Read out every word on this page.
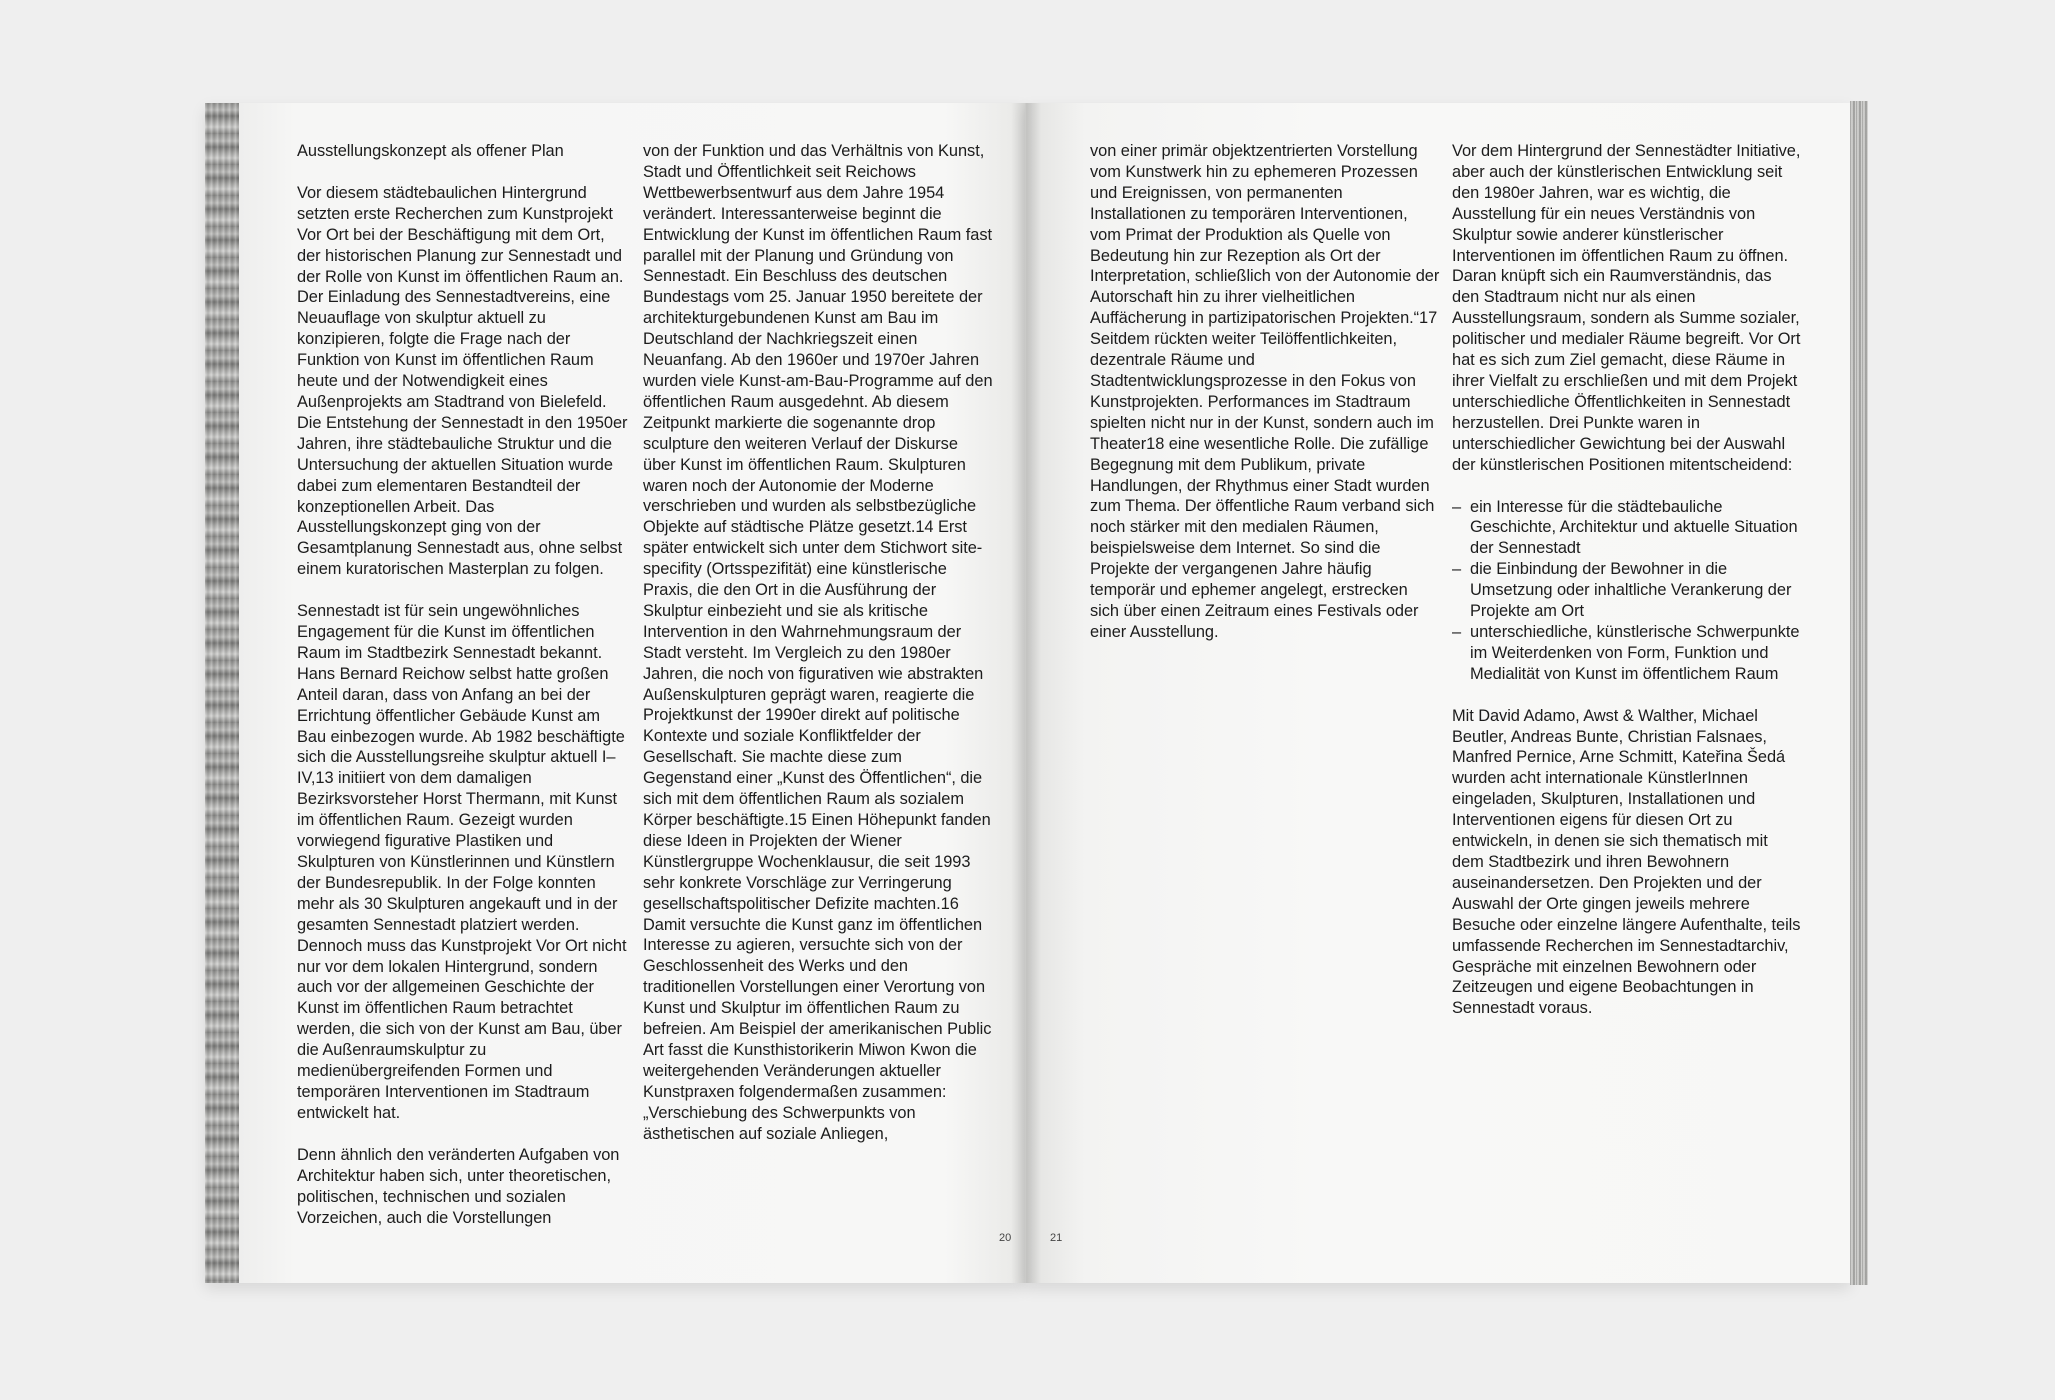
Ausstellungskonzept als offener Plan

Vor diesem städtebaulichen Hintergrund setzten erste Recherchen zum Kunstprojekt Vor Ort bei der Beschäftigung mit dem Ort, der historischen Planung zur Sennestadt und der Rolle von Kunst im öffentlichen Raum an. Der Einladung des Sennestadtvereins, eine Neuauflage von skulptur aktuell zu konzipieren, folgte die Frage nach der Funktion von Kunst im öffentlichen Raum heute und der Notwendigkeit eines Außenprojekts am Stadtrand von Bielefeld. Die Entstehung der Sennestadt in den 1950er Jahren, ihre städtebauliche Struktur und die Untersuchung der aktuellen Situation wurde dabei zum elementaren Bestandteil der konzeptionellen Arbeit. Das Ausstellungskonzept ging von der Gesamtplanung Sennestadt aus, ohne selbst einem kuratorischen Masterplan zu folgen.

Sennestadt ist für sein ungewöhnliches Engagement für die Kunst im öffentlichen Raum im Stadtbezirk Sennestadt bekannt. Hans Bernard Reichow selbst hatte großen Anteil daran, dass von Anfang an bei der Errichtung öffentlicher Gebäude Kunst am Bau einbezogen wurde. Ab 1982 beschäftigte sich die Ausstellungsreihe skulptur aktuell I–IV,13 initiiert von dem damaligen Bezirksvorsteher Horst Thermann, mit Kunst im öffentlichen Raum. Gezeigt wurden vorwiegend figurative Plastiken und Skulpturen von Künstlerinnen und Künstlern der Bundesrepublik. In der Folge konnten mehr als 30 Skulpturen angekauft und in der gesamten Sennestadt platziert werden. Dennoch muss das Kunstprojekt Vor Ort nicht nur vor dem lokalen Hintergrund, sondern auch vor der allgemeinen Geschichte der Kunst im öffentlichen Raum betrachtet werden, die sich von der Kunst am Bau, über die Außenraumskulptur zu medienübergreifenden Formen und temporären Interventionen im Stadtraum entwickelt hat.

Denn ähnlich den veränderten Aufgaben von Architektur haben sich, unter theoretischen, politischen, technischen und sozialen Vorzeichen, auch die Vorstellungen

von der Funktion und das Verhältnis von Kunst, Stadt und Öffentlichkeit seit Reichows Wettbewerbsentwurf aus dem Jahre 1954 verändert. Interessanterweise beginnt die Entwicklung der Kunst im öffentlichen Raum fast parallel mit der Planung und Gründung von Sennestadt. Ein Beschluss des deutschen Bundestags vom 25. Januar 1950 bereitete der architekturgebundenen Kunst am Bau im Deutschland der Nachkriegszeit einen Neuanfang. Ab den 1960er und 1970er Jahren wurden viele Kunst-am-Bau-Programme auf den öffentlichen Raum ausgedehnt. Ab diesem Zeitpunkt markierte die sogenannte drop sculpture den weiteren Verlauf der Diskurse über Kunst im öffentlichen Raum. Skulpturen waren noch der Autonomie der Moderne verschrieben und wurden als selbstbezügliche Objekte auf städtische Plätze gesetzt.14 Erst später entwickelt sich unter dem Stichwort site-specifity (Ortsspezifität) eine künstlerische Praxis, die den Ort in die Ausführung der Skulptur einbezieht und sie als kritische Intervention in den Wahrnehmungsraum der Stadt versteht. Im Vergleich zu den 1980er Jahren, die noch von figurativen wie abstrakten Außenskulpturen geprägt waren, reagierte die Projektkunst der 1990er direkt auf politische Kontexte und soziale Konfliktfelder der Gesellschaft. Sie machte diese zum Gegenstand einer „Kunst des Öffentlichen“, die sich mit dem öffentlichen Raum als sozialem Körper beschäftigte.15 Einen Höhepunkt fanden diese Ideen in Projekten der Wiener Künstlergruppe Wochenklausur, die seit 1993 sehr konkrete Vorschläge zur Verringerung gesellschaftspolitischer Defizite machten.16 Damit versuchte die Kunst ganz im öffentlichen Interesse zu agieren, versuchte sich von der Geschlossenheit des Werks und den traditionellen Vorstellungen einer Verortung von Kunst und Skulptur im öffentlichen Raum zu befreien. Am Beispiel der amerikanischen Public Art fasst die Kunsthistorikerin Miwon Kwon die weitergehenden Veränderungen aktueller Kunstpraxen folgendermaßen zusammen: „Verschiebung des Schwerpunkts von ästhetischen auf soziale Anliegen,

20

von einer primär objektzentrierten Vorstellung vom Kunstwerk hin zu ephemeren Prozessen und Ereignissen, von permanenten Installationen zu temporären Interventionen, vom Primat der Produktion als Quelle von Bedeutung hin zur Rezeption als Ort der Interpretation, schließlich von der Autonomie der Autorschaft hin zu ihrer vielheitlichen Auffächerung in partizipatorischen Projekten.“17 Seitdem rückten weiter Teilöffentlichkeiten, dezentrale Räume und Stadtentwicklungsprozesse in den Fokus von Kunstprojekten. Performances im Stadtraum spielten nicht nur in der Kunst, sondern auch im Theater18 eine wesentliche Rolle. Die zufällige Begegnung mit dem Publikum, private Handlungen, der Rhythmus einer Stadt wurden zum Thema. Der öffentliche Raum verband sich noch stärker mit den medialen Räumen, beispielsweise dem Internet. So sind die Projekte der vergangenen Jahre häufig temporär und ephemer angelegt, erstrecken sich über einen Zeitraum eines Festivals oder einer Ausstellung.

Vor dem Hintergrund der Sennestädter Initiative, aber auch der künstlerischen Entwicklung seit den 1980er Jahren, war es wichtig, die Ausstellung für ein neues Verständnis von Skulptur sowie anderer künstlerischer Interventionen im öffentlichen Raum zu öffnen. Daran knüpft sich ein Raumverständnis, das den Stadtraum nicht nur als einen Ausstellungsraum, sondern als Summe sozialer, politischer und medialer Räume begreift. Vor Ort hat es sich zum Ziel gemacht, diese Räume in ihrer Vielfalt zu erschließen und mit dem Projekt unterschiedliche Öffentlichkeiten in Sennestadt herzustellen. Drei Punkte waren in unterschiedlicher Gewichtung bei der Auswahl der künstlerischen Positionen mitentscheidend:

– ein Interesse für die städtebauliche Geschichte, Architektur und aktuelle Situation der Sennestadt
– die Einbindung der Bewohner in die Umsetzung oder inhaltliche Verankerung der Projekte am Ort
– unterschiedliche, künstlerische Schwerpunkte im Weiterdenken von Form, Funktion und Medialität von Kunst im öffentlichem Raum

Mit David Adamo, Awst & Walther, Michael Beutler, Andreas Bunte, Christian Falsnaes, Manfred Pernice, Arne Schmitt, Kateřina Šedá wurden acht internationale KünstlerInnen eingeladen, Skulpturen, Installationen und Interventionen eigens für diesen Ort zu entwickeln, in denen sie sich thematisch mit dem Stadtbezirk und ihren Bewohnern auseinandersetzen. Den Projekten und der Auswahl der Orte gingen jeweils mehrere Besuche oder einzelne längere Aufenthalte, teils umfassende Recherchen im Sennestadtarchiv, Gespräche mit einzelnen Bewohnern oder Zeitzeugen und eigene Beobachtungen in Sennestadt voraus.

21
